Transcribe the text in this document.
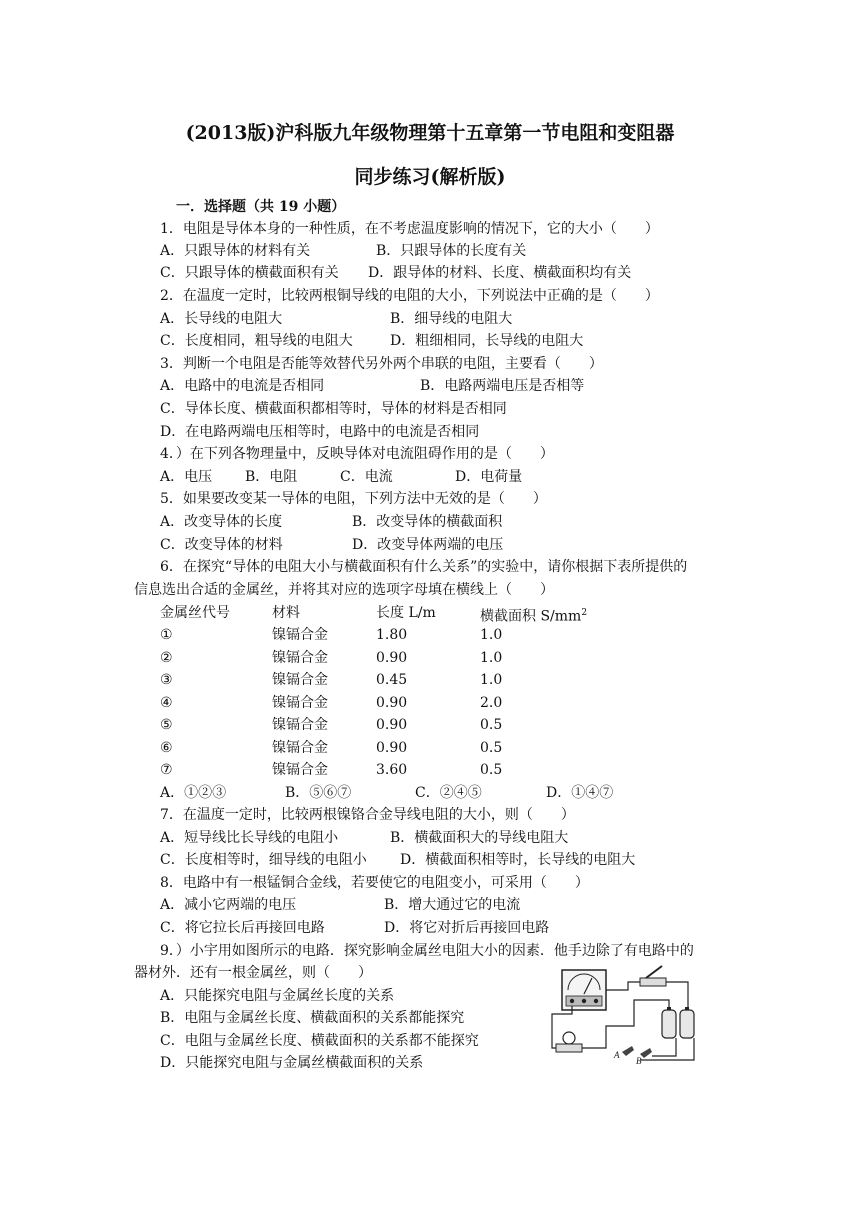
(2013版)沪科版九年级物理第十五章第一节电阻和变阻器
同步练习(解析版)
一．选择题（共 19 小题）
1．电阻是导体本身的一种性质，在不考虑温度影响的情况下，它的大小（　　）
A．只跟导体的材料有关	B．只跟导体的长度有关
C．只跟导体的横截面积有关 D．跟导体的材料、长度、横截面积均有关
2．在温度一定时，比较两根铜导线的电阻的大小，下列说法中正确的是（　　）
A．长导线的电阻大	B．细导线的电阻大
C．长度相同，粗导线的电阻大	D．粗细相同，长导线的电阻大
3．判断一个电阻是否能等效替代另外两个串联的电阻，主要看（　　）
A．电路中的电流是否相同	B．电路两端电压是否相等
C．导体长度、横截面积都相等时，导体的材料是否相同
D．在电路两端电压相等时，电路中的电流是否相同
4．）在下列各物理量中，反映导体对电流阻碍作用的是（　　）
A．电压 B．电阻	C．电流	D．电荷量
5．如果要改变某一导体的电阻，下列方法中无效的是（　　）
A．改变导体的长度	B．改变导体的横截面积
C．改变导体的材料	D．改变导体两端的电压
6．在探究“导体的电阻大小与横截面积有什么关系”的实验中，请你根据下表所提供的
信息选出合适的金属丝，并将其对应的选项字母填在横线上（　　）
金属丝代号	材料	长度 L/m	横截面积 $S/mm^2$
①	镍镉合金	1.80	1.0
②	镍镉合金	0.90	1.0
③	镍镉合金	0.45	1.0
④	镍镉合金	0.90	2.0
⑤	镍镉合金	0.90	0.5
⑥	镍镉合金	0.90	0.5
⑦	镍镉合金	3.60	0.5
A．①②③	B．⑤⑥⑦	C．②④⑤	D．①④⑦
7．在温度一定时，比较两根镍铬合金导线电阻的大小，则（　　）
A．短导线比长导线的电阻小	B．横截面积大的导线电阻大
C．长度相等时，细导线的电阻小 D．横截面积相等时，长导线的电阻大
8．电路中有一根锰铜合金线，若要使它的电阻变小，可采用（　　）
A．减小它两端的电压	B．增大通过它的电流
C．将它拉长后再接回电路	D．将它对折后再接回电路
9．）小宇用如图所示的电路．探究影响金属丝电阻大小的因素．他手边除了有电路中的
器材外．还有一根金属丝，则（　　）
A．只能探究电阻与金属丝长度的关系
B．电阻与金属丝长度、横截面积的关系都能探究
C．电阻与金属丝长度、横截面积的关系都不能探究
D．只能探究电阻与金属丝横截面积的关系	A
B
